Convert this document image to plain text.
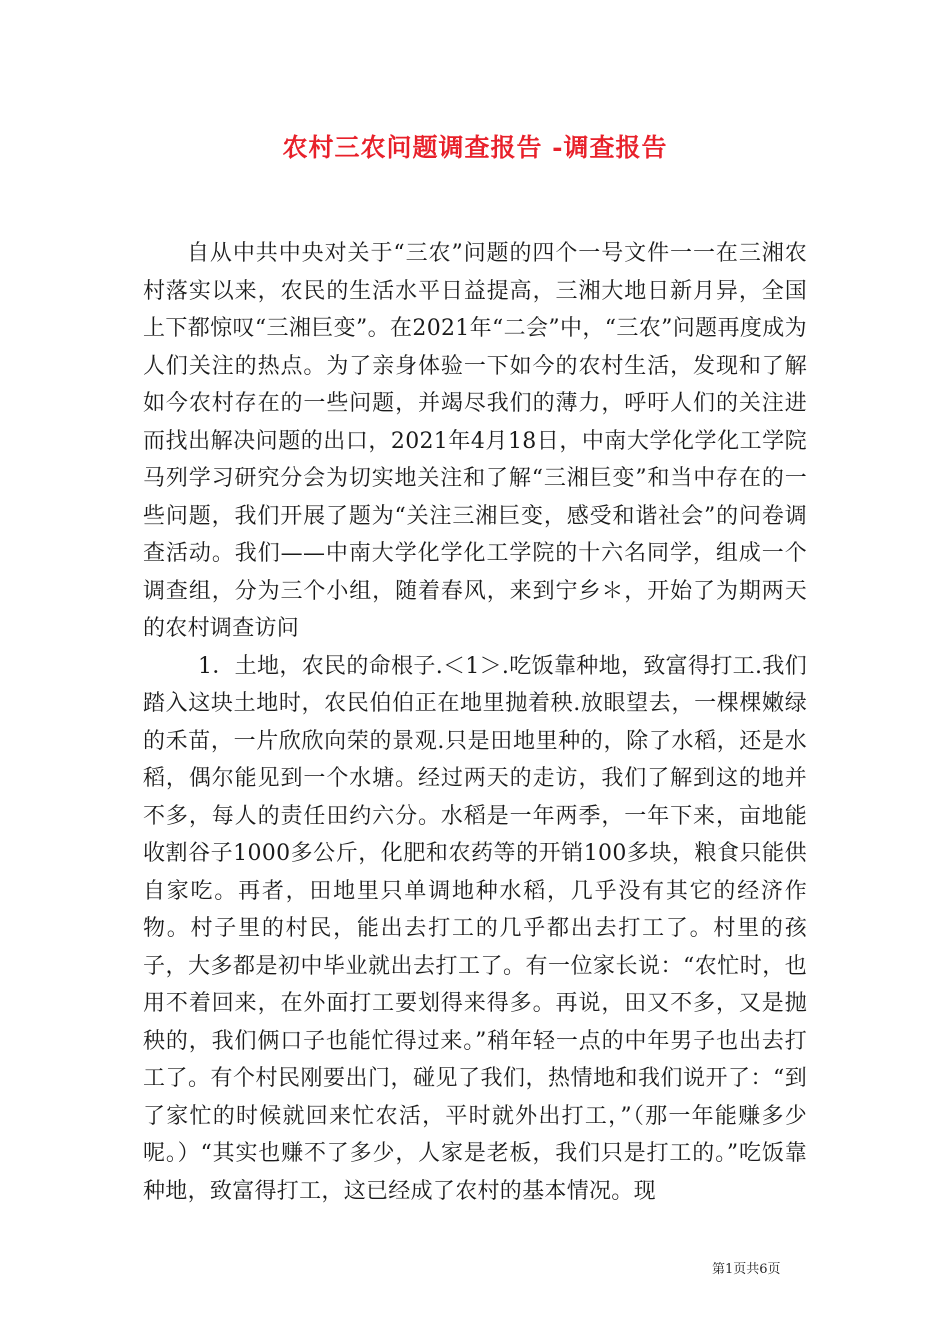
农村三农问题调查报告 -调查报告

自从中共中央对关于“三农”问题的四个一号文件一一在三湘农村落实以来，农民的生活水平日益提高，三湘大地日新月异，全国上下都惊叹“三湘巨变”。在2021年“二会”中，“三农”问题再度成为人们关注的热点。为了亲身体验一下如今的农村生活，发现和了解如今农村存在的一些问题，并竭尽我们的薄力，呼吁人们的关注进而找出解决问题的出口，2021年4月18日，中南大学化学化工学院马列学习研究分会为切实地关注和了解“三湘巨变”和当中存在的一些问题，我们开展了题为“关注三湘巨变，感受和谐社会”的问卷调查活动。我们——中南大学化学化工学院的十六名同学，组成一个调查组，分为三个小组，随着春风，来到宁乡＊，开始了为期两天的农村调查访问

1．土地，农民的命根子.＜1＞.吃饭靠种地，致富得打工.我们踏入这块土地时，农民伯伯正在地里抛着秧.放眼望去，一棵棵嫩绿的禾苗，一片欣欣向荣的景观.只是田地里种的，除了水稻，还是水稻，偶尔能见到一个水塘。经过两天的走访，我们了解到这的地并不多，每人的责任田约六分。水稻是一年两季，一年下来，亩地能收割谷子1000多公斤，化肥和农药等的开销100多块，粮食只能供自家吃。再者，田地里只单调地种水稻，几乎没有其它的经济作物。村子里的村民，能出去打工的几乎都出去打工了。村里的孩子，大多都是初中毕业就出去打工了。有一位家长说：“农忙时，也用不着回来，在外面打工要划得来得多。再说，田又不多，又是抛秧的，我们俩口子也能忙得过来。”稍年轻一点的中年男子也出去打工了。有个村民刚要出门，碰见了我们，热情地和我们说开了：“到了家忙的时候就回来忙农活，平时就外出打工，”（那一年能赚多少呢。）“其实也赚不了多少，人家是老板，我们只是打工的。”吃饭靠种地，致富得打工，这已经成了农村的基本情况。现

第1页共6页
